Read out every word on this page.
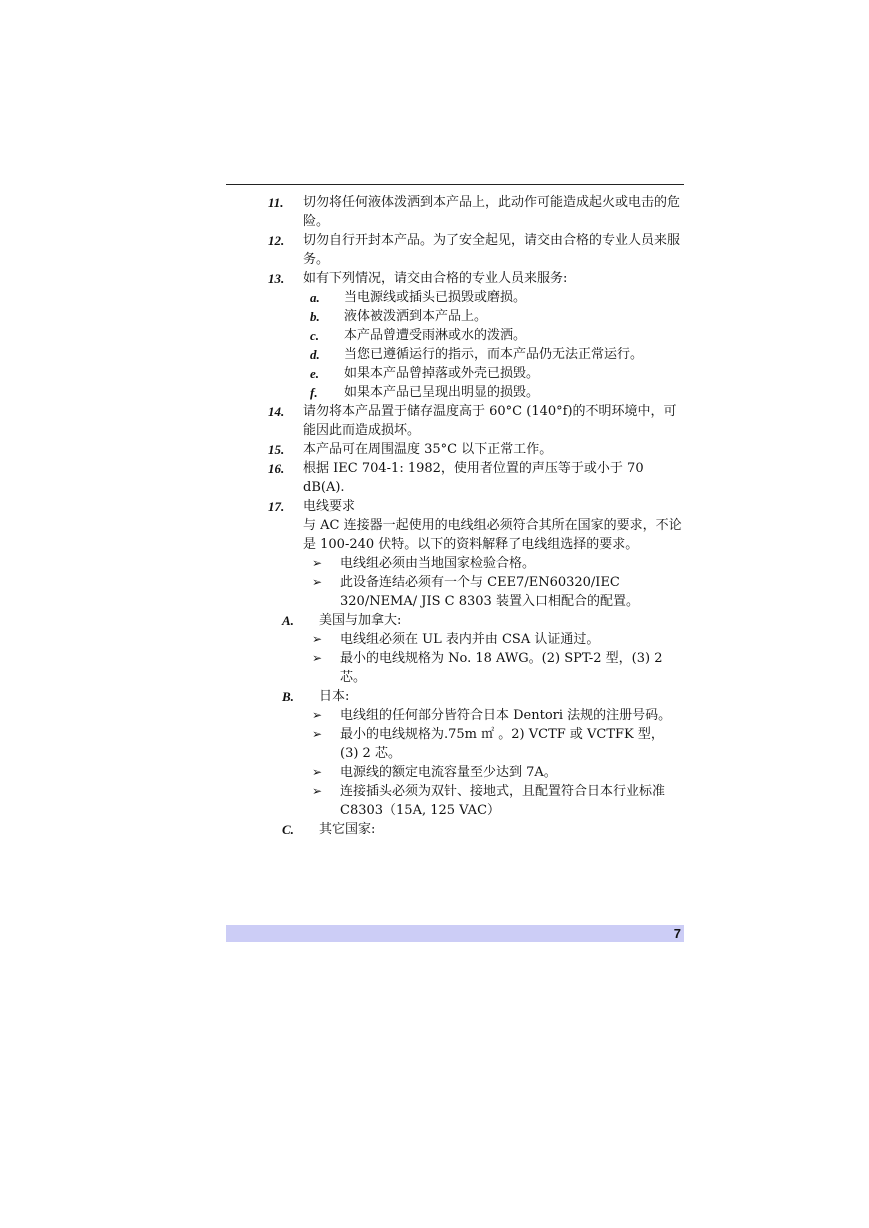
11. 切勿将任何液体泼洒到本产品上，此动作可能造成起火或电击的危险。
12. 切勿自行开封本产品。为了安全起见，请交由合格的专业人员来服务。
13. 如有下列情况，请交由合格的专业人员来服务:
a. 当电源线或插头已损毁或磨损。
b. 液体被泼洒到本产品上。
c. 本产品曾遭受雨淋或水的泼洒。
d. 当您已遵循运行的指示，而本产品仍无法正常运行。
e. 如果本产品曾掉落或外壳已损毁。
f. 如果本产品已呈现出明显的损毁。
14. 请勿将本产品置于储存温度高于 60°C (140°f)的不明环境中，可能因此而造成损坏。
15. 本产品可在周围温度 35°C 以下正常工作。
16. 根据 IEC 704-1: 1982，使用者位置的声压等于或小于 70 dB(A).
17. 电线要求
与 AC 连接器一起使用的电线组必须符合其所在国家的要求，不论是 100-240 伏特。以下的资料解释了电线组选择的要求。
➢ 电线组必须由当地国家检验合格。
➢ 此设备连结必须有一个与 CEE7/EN60320/IEC 320/NEMA/ JIS C 8303 装置入口相配合的配置。
A. 美国与加拿大:
➢ 电线组必须在 UL 表内并由 CSA 认证通过。
➢ 最小的电线规格为 No. 18 AWG。(2) SPT-2 型，(3) 2 芯。
B. 日本:
➢ 电线组的任何部分皆符合日本 Dentori 法规的注册号码。
➢ 最小的电线规格为.75m ㎡ 。2) VCTF 或 VCTFK 型，(3) 2 芯。
➢ 电源线的额定电流容量至少达到 7A。
➢ 连接插头必须为双针、接地式，且配置符合日本行业标准 C8303（15A, 125 VAC）
C. 其它国家:
7
